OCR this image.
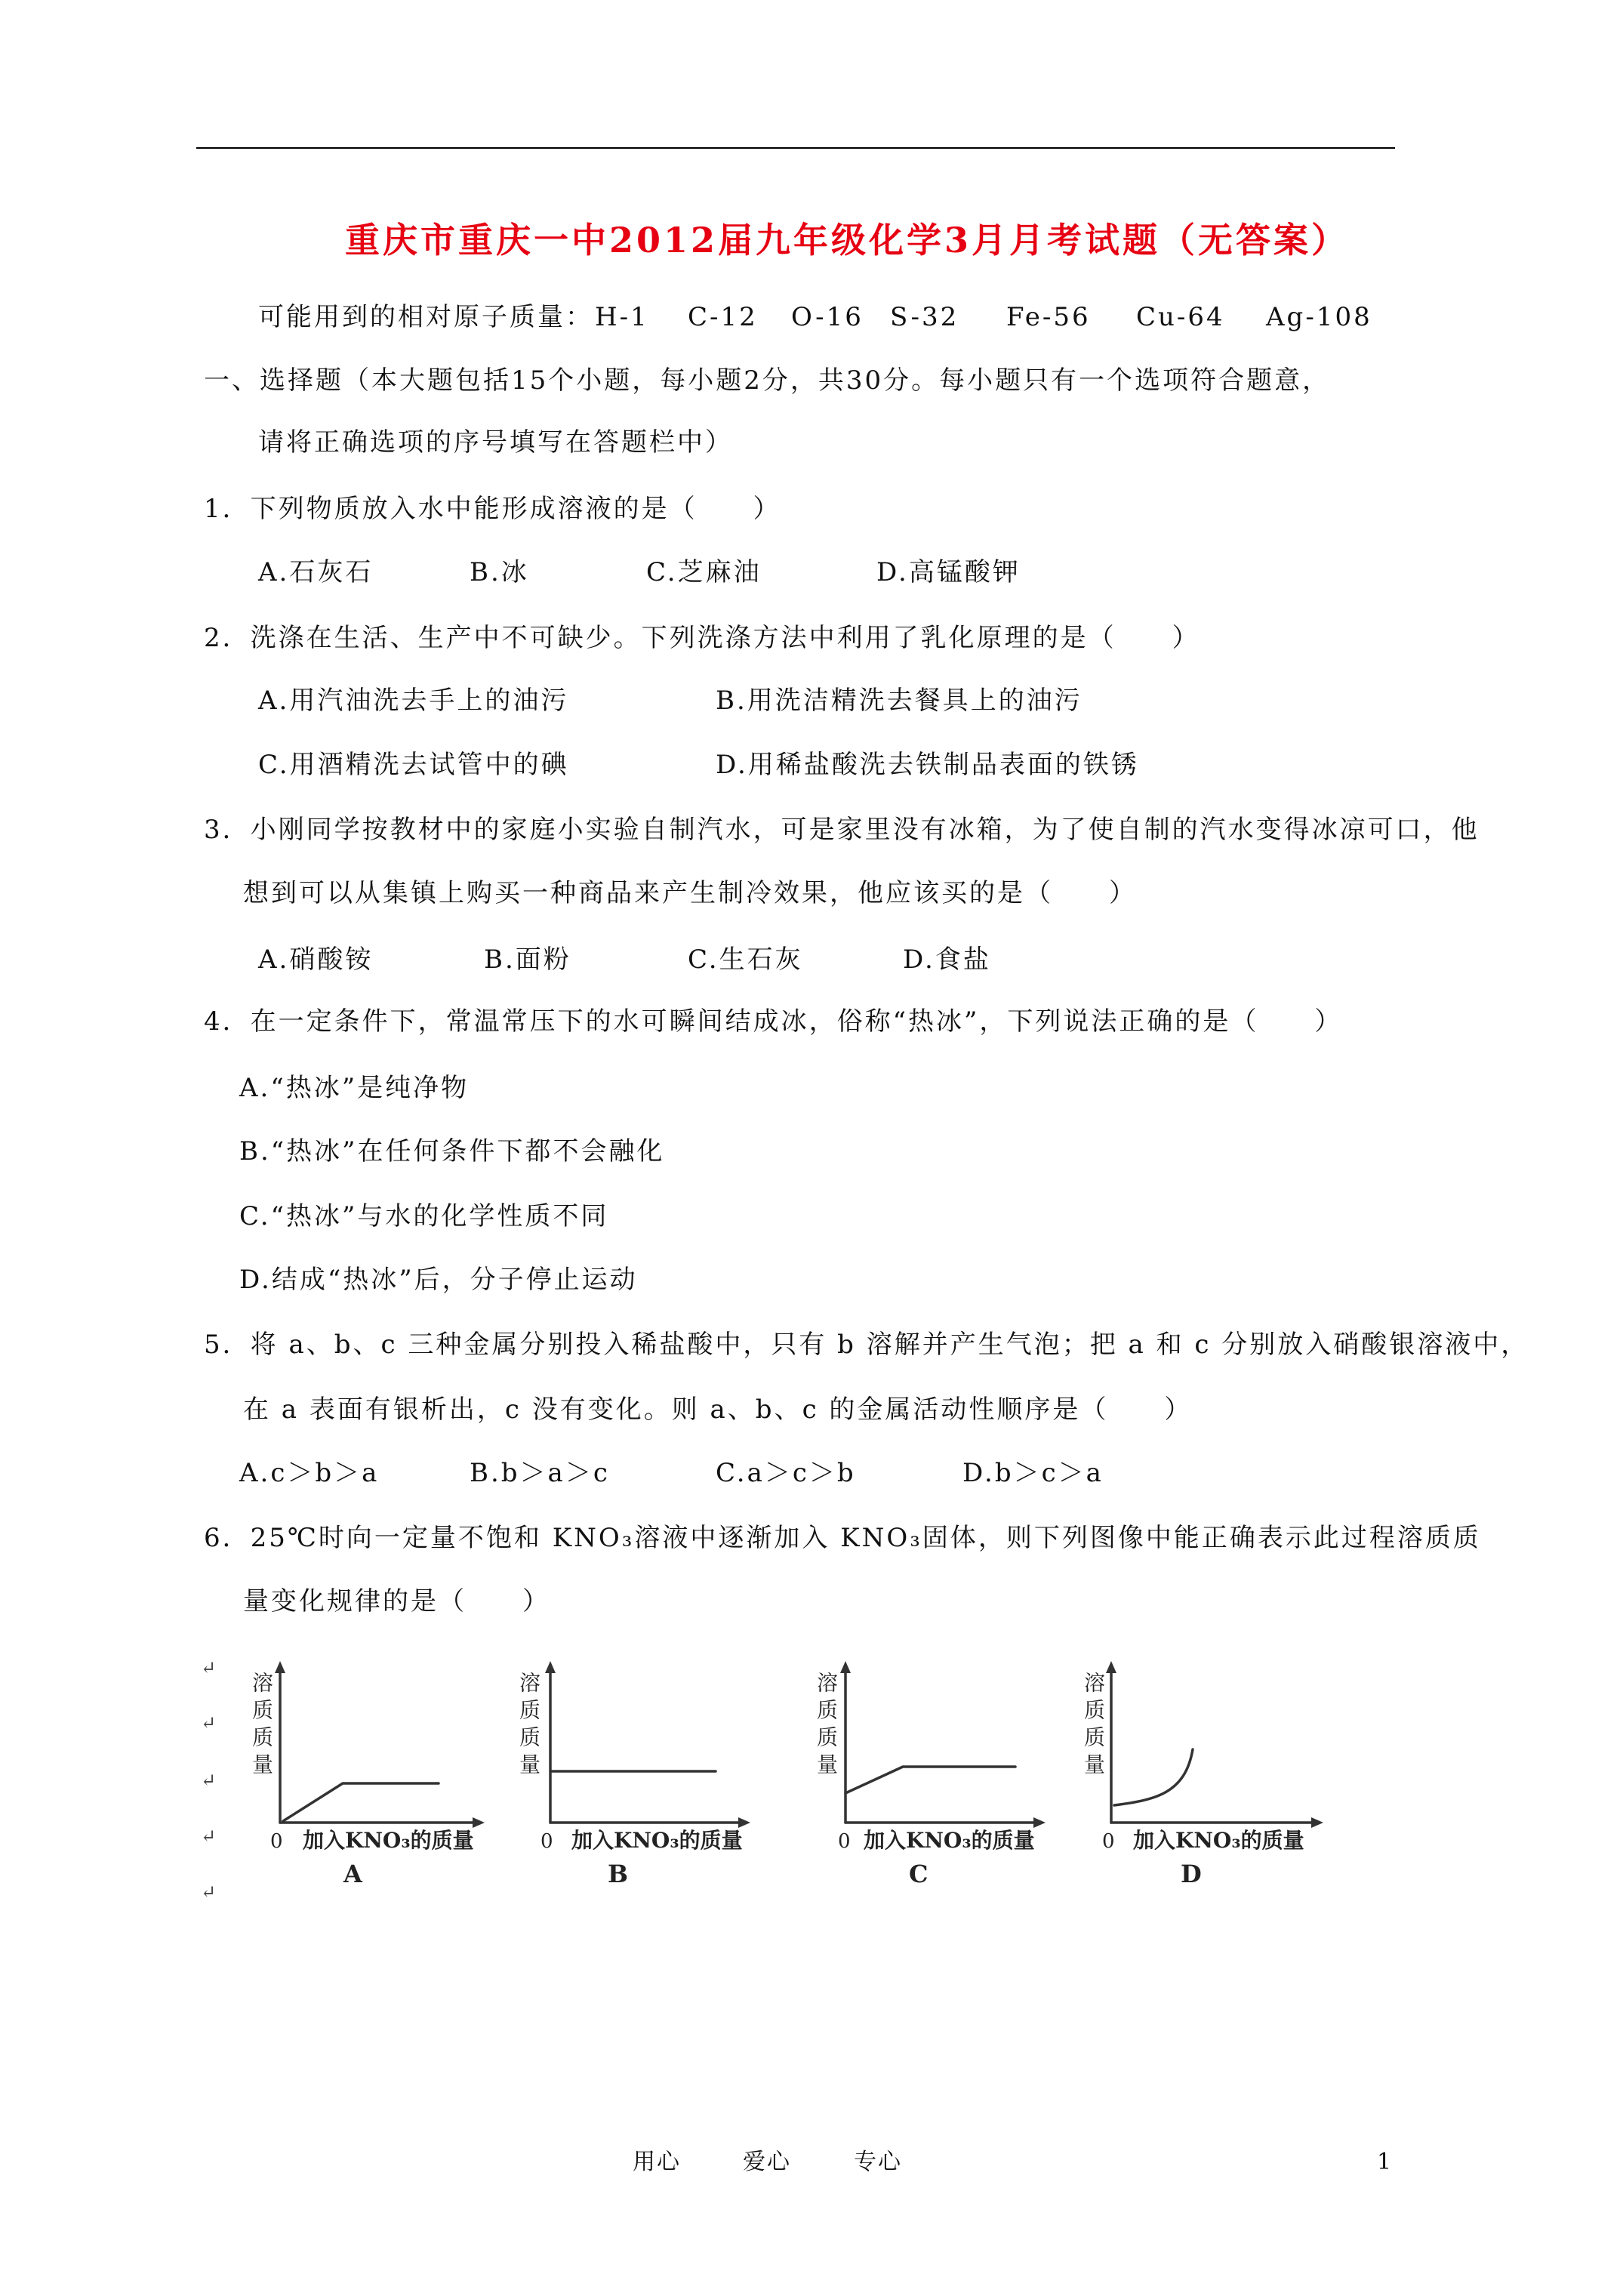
重庆市重庆一中2012届九年级化学3月月考试题（无答案）
可能用到的相对原子质量： H-1 C-12 O-16 S-32 Fe-56 Cu-64 Ag-108
一、选择题（本大题包括15个小题，每小题2分，共30分。每小题只有一个选项符合题意，
请将正确选项的序号填写在答题栏中）
1．下列物质放入水中能形成溶液的是（　　）
A.石灰石	B.冰	C.芝麻油	D.高锰酸钾
2．洗涤在生活、生产中不可缺少。下列洗涤方法中利用了乳化原理的是（　　）
A.用汽油洗去手上的油污	B.用洗洁精洗去餐具上的油污
C.用酒精洗去试管中的碘	D.用稀盐酸洗去铁制品表面的铁锈
3．小刚同学按教材中的家庭小实验自制汽水，可是家里没有冰箱，为了使自制的汽水变得冰凉可口，他
想到可以从集镇上购买一种商品来产生制冷效果，他应该买的是（　　）
A.硝酸铵	B.面粉	C.生石灰	D.食盐
4．在一定条件下，常温常压下的水可瞬间结成冰，俗称“热冰”，下列说法正确的是（　　）
A.“热冰”是纯净物
B.“热冰”在任何条件下都不会融化
C.“热冰”与水的化学性质不同
D.结成“热冰”后，分子停止运动
5．将 a、b、c 三种金属分别投入稀盐酸中，只有 b 溶解并产生气泡；把 a 和 c 分别放入硝酸银溶液中，
在 a 表面有银析出，c 没有变化。则 a、b、c 的金属活动性顺序是（　　）
A.c＞b＞a	B.b＞a＞c	C.a＞c＞b	D.b＞c＞a
6．25℃时向一定量不饱和 KNO₃溶液中逐渐加入 KNO₃固体，则下列图像中能正确表示此过程溶质质
量变化规律的是（　　）
↵
↵
↵
↵
↵
溶质质量
0 加入KNO₃的质量
A
溶质质量
0 加入KNO₃的质量
B
溶质质量
0 加入KNO₃的质量
C
溶质质量
0 加入KNO₃的质量
D
用心	爱心	专心	1
